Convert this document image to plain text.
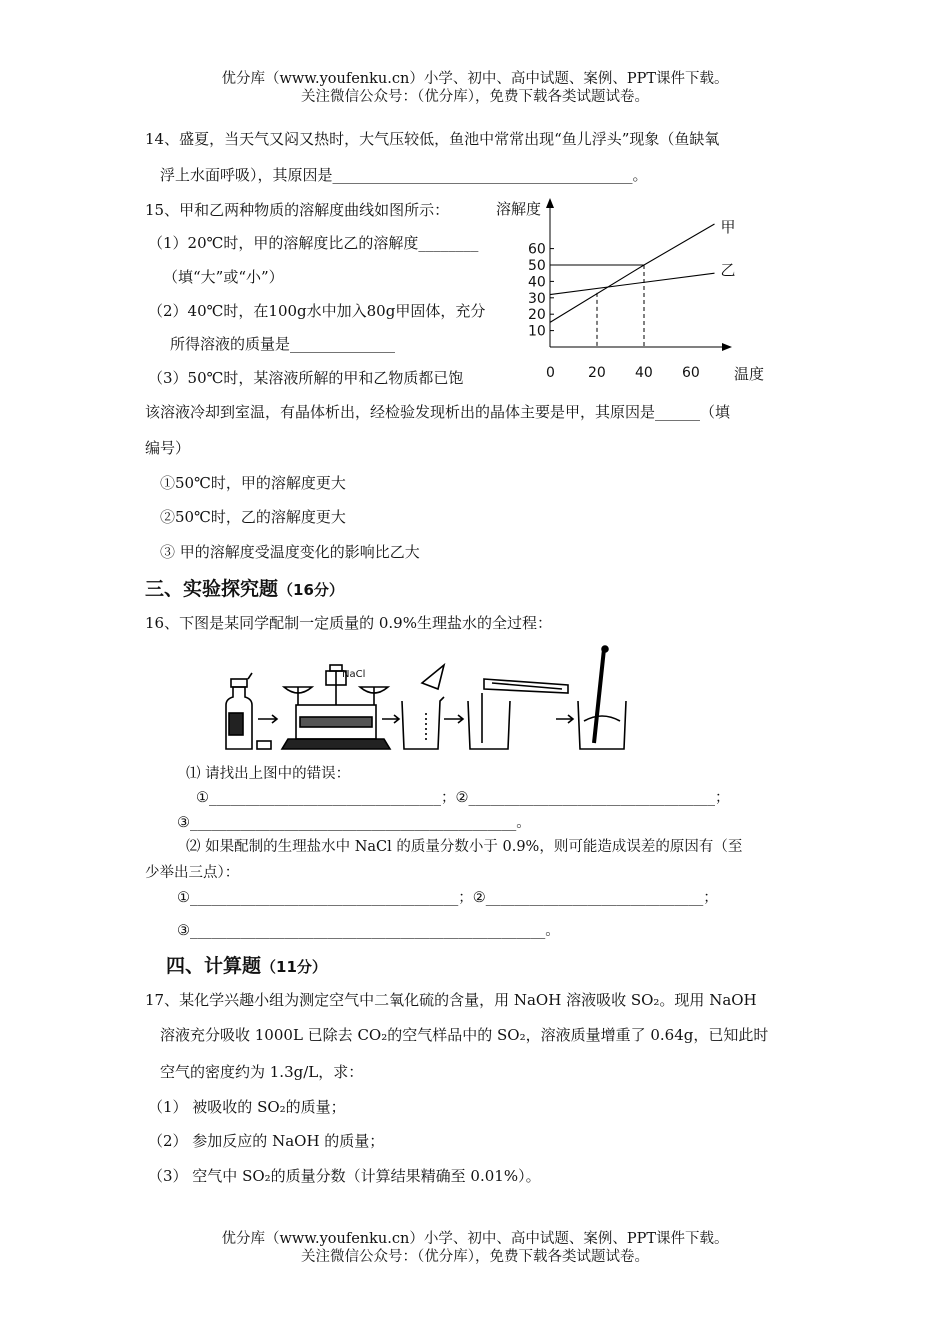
优分库（www.youfenku.cn）小学、初中、高中试题、案例、PPT课件下载。
关注微信公众号：（优分库），免费下载各类试题试卷。
14、盛夏，当天气又闷又热时，大气压较低，鱼池中常常出现“鱼儿浮头”现象（鱼缺氧
浮上水面呼吸），其原因是________________________________________。
15、甲和乙两种物质的溶解度曲线如图所示：
（1）20℃时，甲的溶解度比乙的溶解度________
（填“大”或“小”）
（2）40℃时，在100g水中加入80g甲固体，充分
所得溶液的质量是______________
（3）50℃时，某溶液所解的甲和乙物质都已饱
该溶液冷却到室温，有晶体析出，经检验发现析出的晶体主要是甲，其原因是______（填
编号）
①50℃时，甲的溶解度更大
②50℃时，乙的溶解度更大
③ 甲的溶解度受温度变化的影响比乙大
溶解度
温度
10
20
30
40
50
60
0 20 40 60
甲
乙
三、实验探究题（16分）
16、下图是某同学配制一定质量的 0.9%生理盐水的全过程：
NaCl
⑴ 请找出上图中的错误：
①________________________________；②__________________________________；
③_____________________________________________。
⑵ 如果配制的生理盐水中 NaCl 的质量分数小于 0.9%，则可能造成误差的原因有（至
少举出三点）：
①_____________________________________；②______________________________；
③_________________________________________________。
四、计算题（11分）
17、某化学兴趣小组为测定空气中二氧化硫的含量，用 NaOH 溶液吸收 SO₂。现用 NaOH
溶液充分吸收 1000L 已除去 CO₂的空气样品中的 SO₂，溶液质量增重了 0.64g，已知此时
空气的密度约为 1.3g/L，求：
（1） 被吸收的 SO₂的质量；
（2） 参加反应的 NaOH 的质量；
（3） 空气中 SO₂的质量分数（计算结果精确至 0.01%）。
优分库（www.youfenku.cn）小学、初中、高中试题、案例、PPT课件下载。
关注微信公众号：（优分库），免费下载各类试题试卷。
